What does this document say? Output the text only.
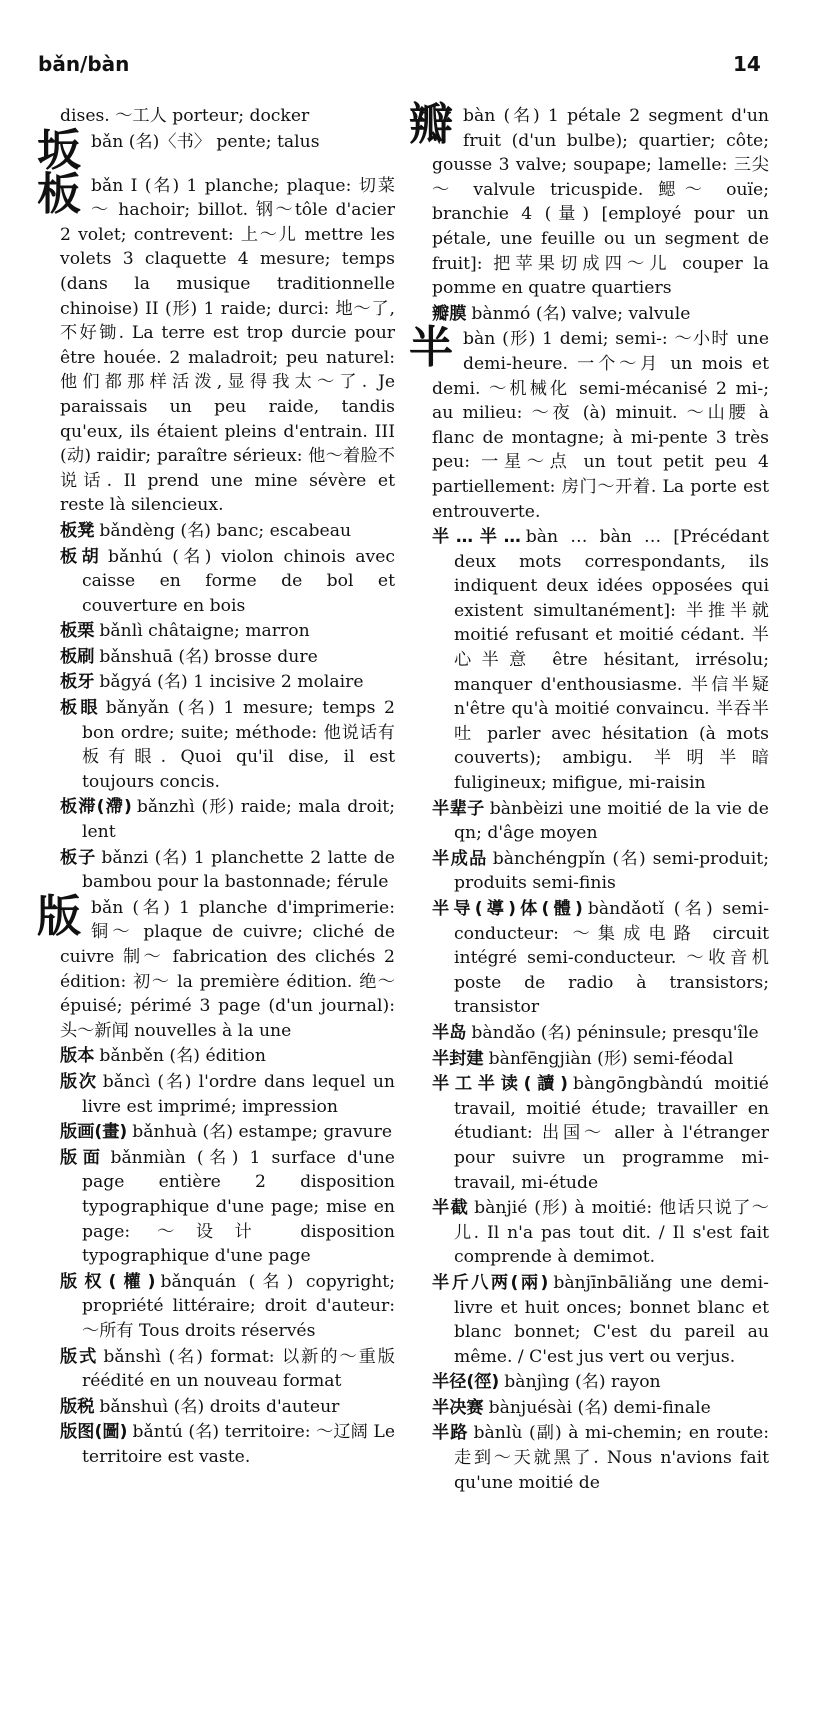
bǎn/bàn	14
dises. ～工人 porteur; docker
坂bǎn (名)〈书〉 pente; talus
板bǎn I (名) 1 planche; plaque: 切菜～ hachoir; billot. 钢～tôle d'acier 2 volet; contrevent: 上～儿 mettre les volets 3 claquette 4 mesure; temps (dans la musique traditionnelle chinoise) II (形) 1 raide; durci: 地～了,不好锄. La terre est trop durcie pour être houée. 2 maladroit; peu naturel: 他们都那样活泼,显得我太～了. Je paraissais un peu raide, tandis qu'eux, ils étaient pleins d'entrain. III (动) raidir; paraître sérieux: 他～着脸不说话. Il prend une mine sévère et reste là silencieux.
板凳 bǎndèng (名) banc; escabeau
板胡 bǎnhú (名) violon chinois avec caisse en forme de bol et couverture en bois
板栗 bǎnlì châtaigne; marron
板刷 bǎnshuā (名) brosse dure
板牙 bǎgyá (名) 1 incisive 2 molaire
板眼 bǎnyǎn (名) 1 mesure; temps 2 bon ordre; suite; méthode: 他说话有板有眼. Quoi qu'il dise, il est toujours concis.
板滞(滯) bǎnzhì (形) raide; mala droit; lent
板子 bǎnzi (名) 1 planchette 2 latte de bambou pour la bastonnade; férule
版bǎn (名) 1 planche d'imprimerie: 铜～ plaque de cuivre; cliché de cuivre 制～ fabrication des clichés 2 édition: 初～ la première édition. 绝～ épuisé; périmé 3 page (d'un journal): 头～新闻 nouvelles à la une
版本 bǎnběn (名) édition
版次 bǎncì (名) l'ordre dans lequel un livre est imprimé; impression
版画(畫) bǎnhuà (名) estampe; gravure
版面 bǎnmiàn (名) 1 surface d'une page entière 2 disposition typographique d'une page; mise en page: ～设计 disposition typographique d'une page
版权(權) bǎnquán (名) copyright; propriété littéraire; droit d'auteur: ～所有 Tous droits réservés
版式 bǎnshì (名) format: 以新的～重版 réédité en un nouveau format
版税 bǎnshuì (名) droits d'auteur
版图(圖) bǎntú (名) territoire: ～辽阔 Le territoire est vaste.
瓣bàn (名) 1 pétale 2 segment d'un fruit (d'un bulbe); quartier; côte; gousse 3 valve; soupape; lamelle: 三尖～ valvule tricuspide. 鳃～ ouïe; branchie 4 (量) [employé pour un pétale, une feuille ou un segment de fruit]: 把苹果切成四～儿 couper la pomme en quatre quartiers
瓣膜 bànmó (名) valve; valvule
半bàn (形) 1 demi; semi-: ～小时 une demi-heure. 一个～月 un mois et demi. ～机械化 semi-mécanisé 2 mi-; au milieu: ～夜 (à) minuit. ～山腰 à flanc de montagne; à mi-pente 3 très peu: 一星～点 un tout petit peu 4 partiellement: 房门～开着. La porte est entrouverte.
半…半… bàn … bàn … [Précédant deux mots correspondants, ils indiquent deux idées opposées qui existent simultanément]: 半推半就 moitié refusant et moitié cédant. 半心半意 être hésitant, irrésolu; manquer d'enthousiasme. 半信半疑 n'être qu'à moitié convaincu. 半吞半吐 parler avec hésitation (à mots couverts); ambigu. 半明半暗 fuligineux; mifigue, mi-raisin
半辈子 bànbèizi une moitié de la vie de qn; d'âge moyen
半成品 bànchéngpǐn (名) semi-produit; produits semi-finis
半导(導)体(體) bàndǎotǐ (名) semi-conducteur: ～集成电路 circuit intégré semi-conducteur. ～收音机 poste de radio à transistors; transistor
半岛 bàndǎo (名) péninsule; presqu'île
半封建 bànfēngjiàn (形) semi-féodal
半工半读(讀) bàngōngbàndú moitié travail, moitié étude; travailler en étudiant: 出国～ aller à l'étranger pour suivre un programme mi-travail, mi-étude
半截 bànjié (形) à moitié: 他话只说了～儿. Il n'a pas tout dit. / Il s'est fait comprende à demimot.
半斤八两(兩) bànjīnbāliǎng une demi-livre et huit onces; bonnet blanc et blanc bonnet; C'est du pareil au même. / C'est jus vert ou verjus.
半径(徑) bànjìng (名) rayon
半决赛 bànjuésài (名) demi-finale
半路 bànlù (副) à mi-chemin; en route: 走到～天就黑了. Nous n'avions fait qu'une moitié de
